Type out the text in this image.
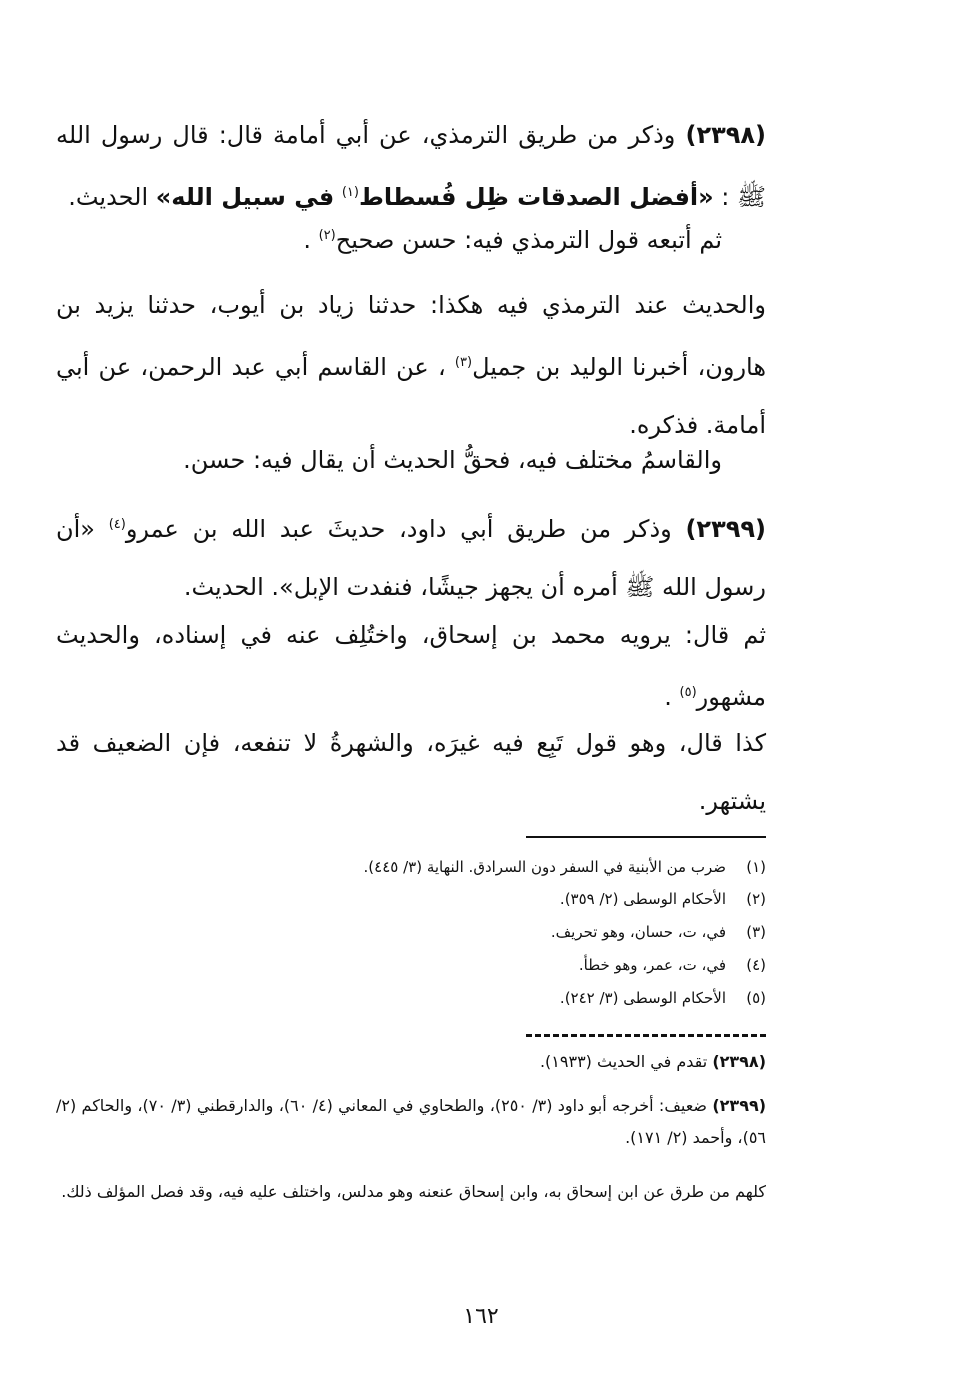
(٢٣٩٨) وذكر من طريق الترمذي، عن أبي أمامة قال: قال رسول الله ﷺ : «أفضل الصدقات ظِل فُسطاط$^{(١)}$ في سبيل الله» الحديث.

ثم أتبعه قول الترمذي فيه: حسن صحيح$^{(٢)}$ .

والحديث عند الترمذي فيه هكذا: حدثنا زياد بن أيوب، حدثنا يزيد بن هارون، أخبرنا الوليد بن جميل$^{(٣)}$ ، عن القاسم أبي عبد الرحمن، عن أبي أمامة. فذكره.

والقاسمُ مختلف فيه، فحقُّ الحديث أن يقال فيه: حسن.

(٢٣٩٩) وذكر من طريق أبي داود، حديثَ عبد الله بن عمرو$^{(٤)}$ «أن رسول الله ﷺ أمره أن يجهز جيشًا، فنفدت الإبل». الحديث.

ثم قال: يرويه محمد بن إسحاق، واختُلِف عنه في إسناده، والحديث مشهور$^{(٥)}$ .

كذا قال، وهو قول تَبِع فيه غيرَه، والشهرةُ لا تنفعه، فإن الضعيف قد يشتهر.

(١)ضرب من الأبنية في السفر دون السرادق. النهاية (٣/ ٤٤٥).
(٢)الأحكام الوسطى (٢/ ٣٥٩).
(٣)في، ت، حسان، وهو تحريف.
(٤)في، ت، عمر، وهو خطأ.
(٥)الأحكام الوسطى (٣/ ٢٤٢).

(٢٣٩٨) تقدم في الحديث (١٩٣٣).

(٢٣٩٩) ضعيف: أخرجه أبو داود (٣/ ٢٥٠)، والطحاوي في المعاني (٤/ ٦٠)، والدارقطني (٣/ ٧٠)، والحاكم (٢/ ٥٦)، وأحمد (٢/ ١٧١).

كلهم من طرق عن ابن إسحاق به، وابن إسحاق عنعنه وهو مدلس، واختلف عليه فيه، وقد فصل المؤلف ذلك.

١٦٢
